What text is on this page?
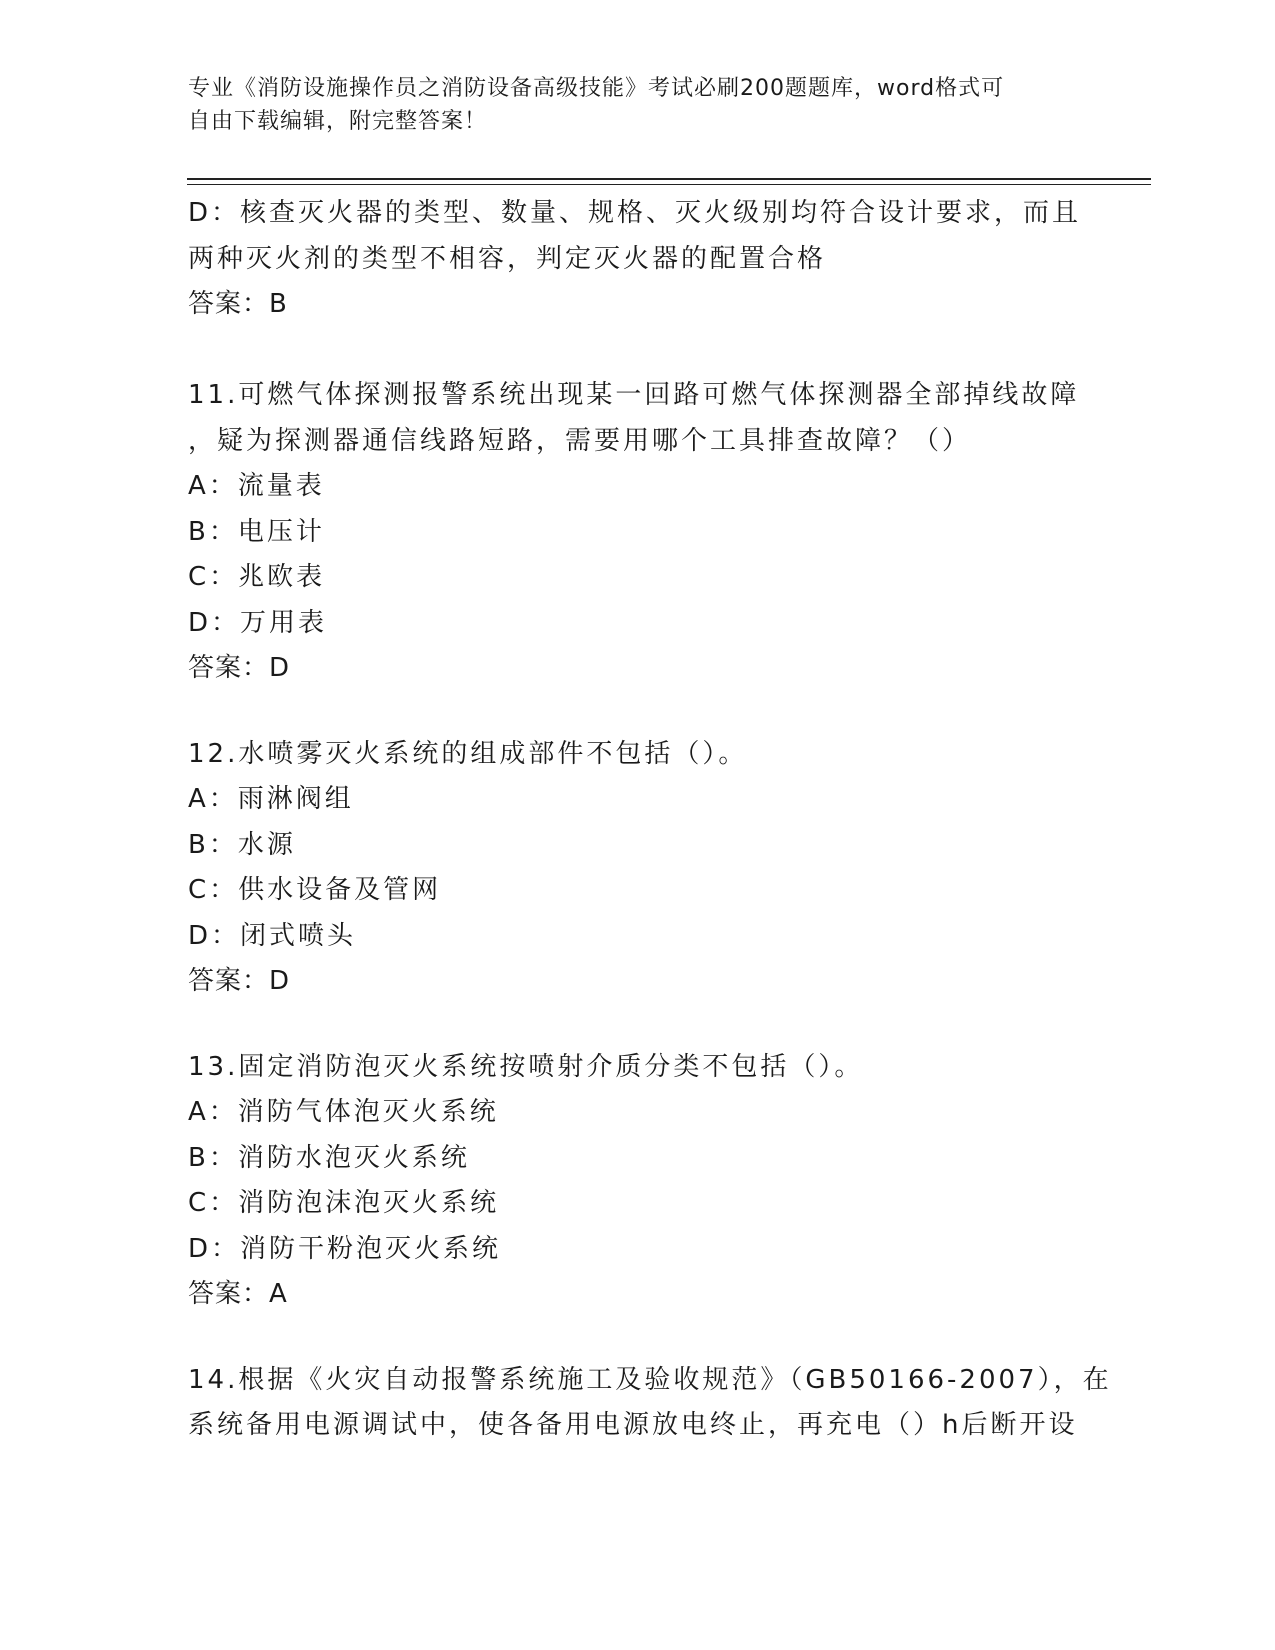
专业《消防设施操作员之消防设备高级技能》考试必刷200题题库，word格式可
自由下载编辑，附完整答案！
D：核查灭火器的类型、数量、规格、灭火级别均符合设计要求，而且
两种灭火剂的类型不相容，判定灭火器的配置合格
答案：B
11.可燃气体探测报警系统出现某一回路可燃气体探测器全部掉线故障
，疑为探测器通信线路短路，需要用哪个工具排查故障？（）
A：流量表
B：电压计
C：兆欧表
D：万用表
答案：D
12.水喷雾灭火系统的组成部件不包括（）。
A：雨淋阀组
B：水源
C：供水设备及管网
D：闭式喷头
答案：D
13.固定消防泡灭火系统按喷射介质分类不包括（）。
A：消防气体泡灭火系统
B：消防水泡灭火系统
C：消防泡沫泡灭火系统
D：消防干粉泡灭火系统
答案：A
14.根据《火灾自动报警系统施工及验收规范》（GB50166-2007），在
系统备用电源调试中，使各备用电源放电终止，再充电（）h后断开设
